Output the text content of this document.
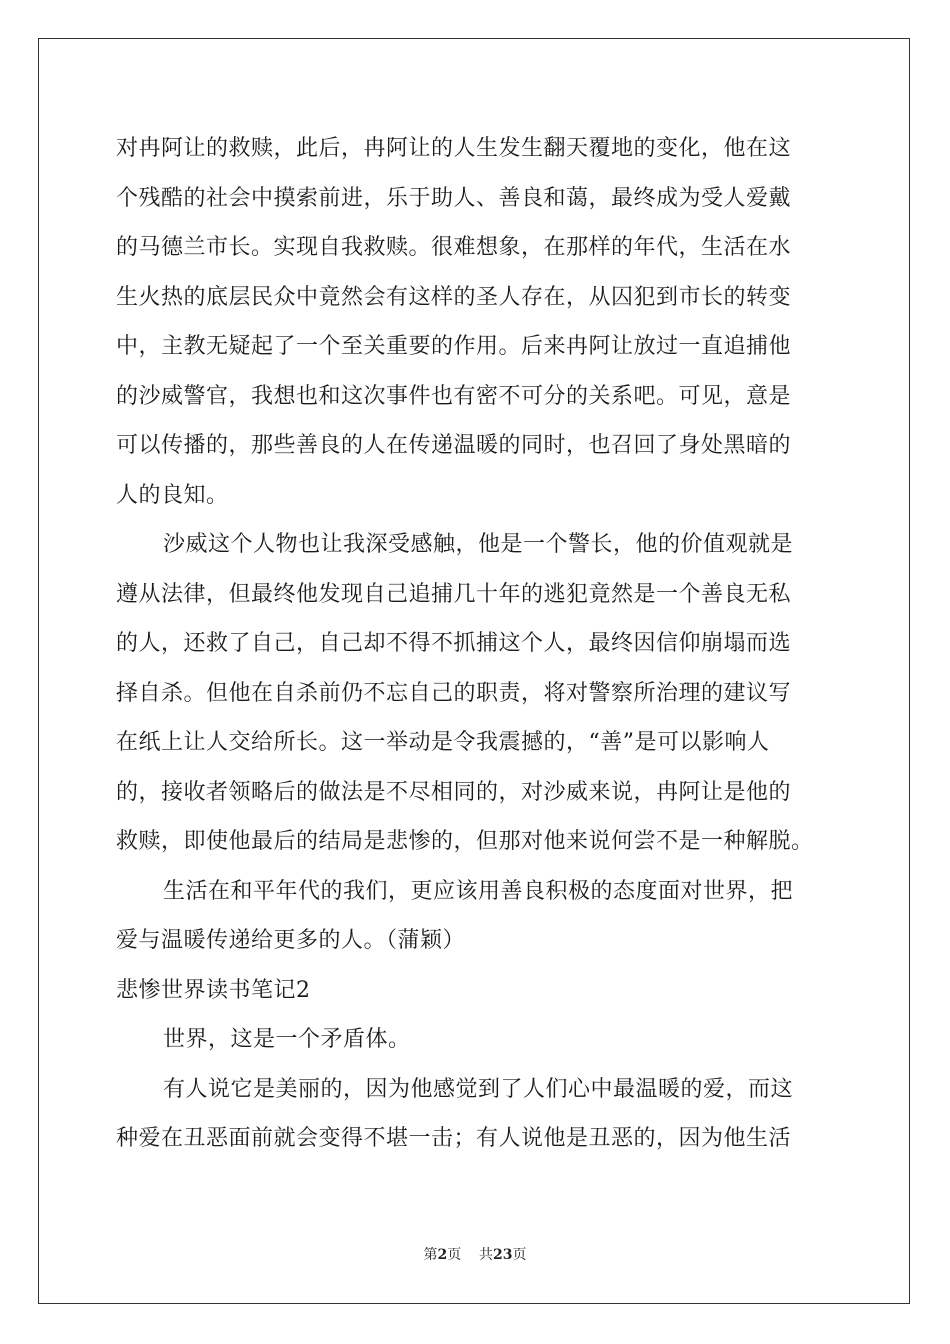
对冉阿让的救赎，此后，冉阿让的人生发生翻天覆地的变化，他在这
个残酷的社会中摸索前进，乐于助人、善良和蔼，最终成为受人爱戴
的马德兰市长。实现自我救赎。很难想象，在那样的年代，生活在水
生火热的底层民众中竟然会有这样的圣人存在，从囚犯到市长的转变
中，主教无疑起了一个至关重要的作用。后来冉阿让放过一直追捕他
的沙威警官，我想也和这次事件也有密不可分的关系吧。可见，意是
可以传播的，那些善良的人在传递温暖的同时，也召回了身处黑暗的
人的良知。
沙威这个人物也让我深受感触，他是一个警长，他的价值观就是
遵从法律，但最终他发现自己追捕几十年的逃犯竟然是一个善良无私
的人，还救了自己，自己却不得不抓捕这个人，最终因信仰崩塌而选
择自杀。但他在自杀前仍不忘自己的职责，将对警察所治理的建议写
在纸上让人交给所长。这一举动是令我震撼的，“善”是可以影响人
的，接收者领略后的做法是不尽相同的，对沙威来说，冉阿让是他的
救赎，即使他最后的结局是悲惨的，但那对他来说何尝不是一种解脱。
生活在和平年代的我们，更应该用善良积极的态度面对世界，把
爱与温暖传递给更多的人。（蒲颖）
悲惨世界读书笔记2
世界，这是一个矛盾体。
有人说它是美丽的，因为他感觉到了人们心中最温暖的爱，而这
种爱在丑恶面前就会变得不堪一击；有人说他是丑恶的，因为他生活
第2页 共23页
